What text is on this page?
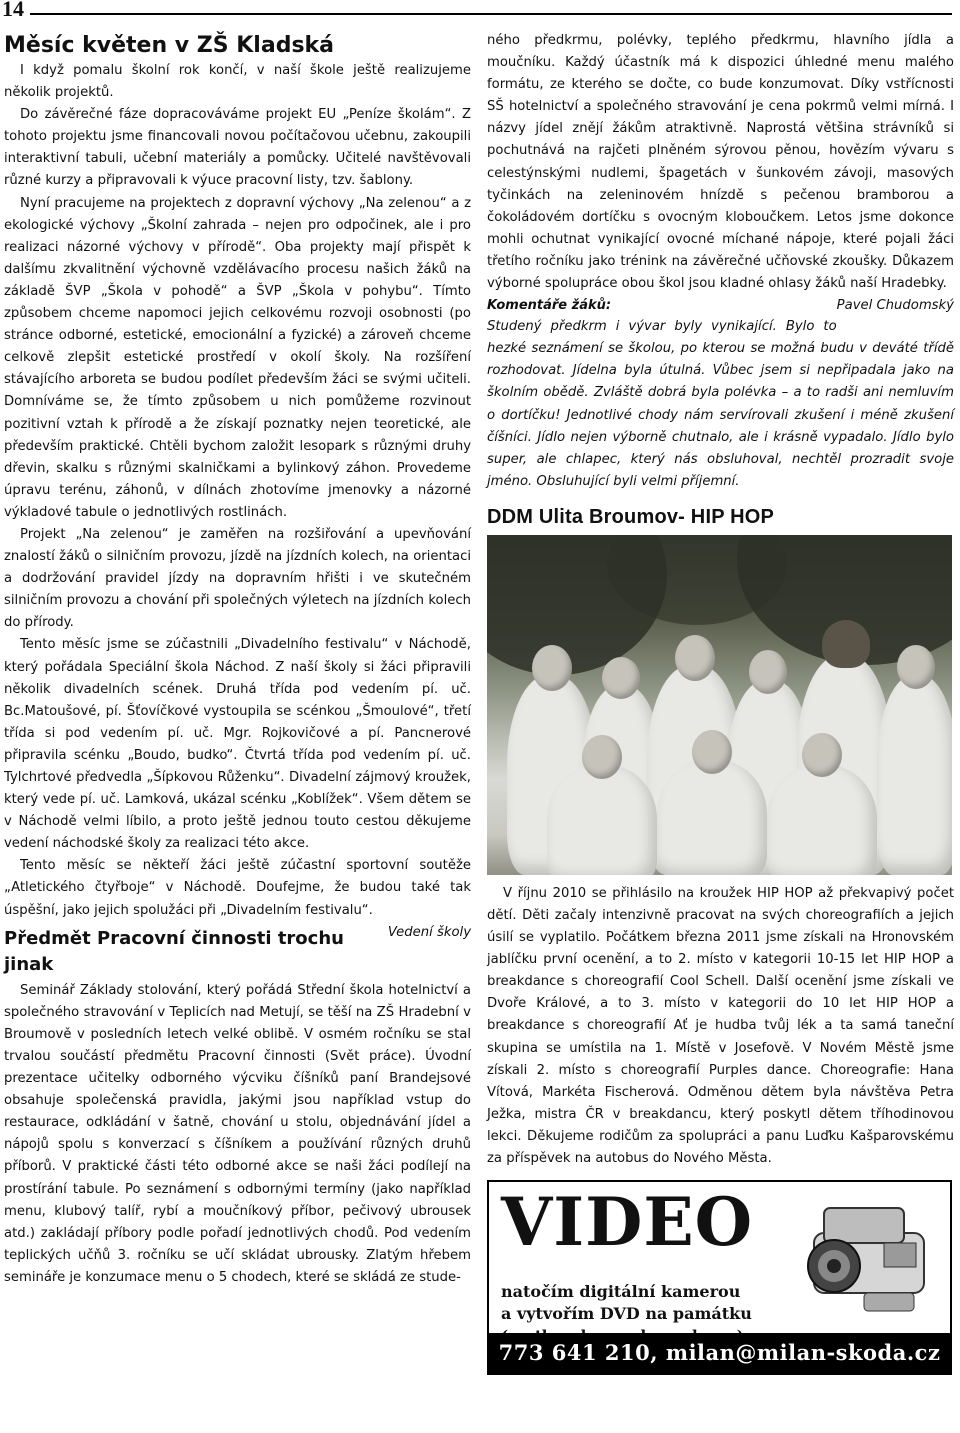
14
Měsíc květen v ZŠ Kladská

I když pomalu školní rok končí, v naší škole ještě realizujeme několik projektů.

Do závěrečné fáze dopracováváme projekt EU „Peníze školám“. Z tohoto projektu jsme financovali novou počítačovou učebnu, zakoupili interaktivní tabuli, učební materiály a pomůcky. Učitelé navštěvovali různé kurzy a připravovali k výuce pracovní listy, tzv. šablony.

Nyní pracujeme na projektech z dopravní výchovy „Na zelenou“ a z ekologické výchovy „Školní zahrada – nejen pro odpočinek, ale i pro realizaci názorné výchovy v přírodě“. Oba projekty mají přispět k dalšímu zkvalitnění výchovně vzdělávacího procesu našich žáků na základě ŠVP „Škola v pohodě“ a ŠVP „Škola v pohybu“. Tímto způsobem chceme napomoci jejich celkovému rozvoji osobnosti (po stránce odborné, estetické, emocionální a fyzické) a zároveň chceme celkově zlepšit estetické prostředí v okolí školy. Na rozšíření stávajícího arboreta se budou podílet především žáci se svými učiteli. Domníváme se, že tímto způsobem u nich pomůžeme rozvinout pozitivní vztah k přírodě a že získají poznatky nejen teoretické, ale především praktické. Chtěli bychom založit lesopark s různými druhy dřevin, skalku s různými skalničkami a bylinkový záhon. Provedeme úpravu terénu, záhonů, v dílnách zhotovíme jmenovky a názorné výkladové tabule o jednotlivých rostlinách.

Projekt „Na zelenou“ je zaměřen na rozšiřování a upevňování znalostí žáků o silničním provozu, jízdě na jízdních kolech, na orientaci a dodržování pravidel jízdy na dopravním hřišti i ve skutečném silničním provozu a chování při společných výletech na jízdních kolech do přírody.

Tento měsíc jsme se zúčastnili „Divadelního festivalu“ v Náchodě, který pořádala Speciální škola Náchod. Z naší školy si žáci připravili několik divadelních scének. Druhá třída pod vedením pí. uč. Bc.Matoušové, pí. Šťovíčkové vystoupila se scénkou „Šmoulové“, třetí třída si pod vedením pí. uč. Mgr. Rojkovičové a pí. Pancnerové připravila scénku „Boudo, budko“. Čtvrtá třída pod vedením pí. uč. Tylchrtové předvedla „Šípkovou Růženku“. Divadelní zájmový kroužek, který vede pí. uč. Lamková, ukázal scénku „Koblížek“. Všem dětem se v Náchodě velmi líbilo, a proto ještě jednou touto cestou děkujeme vedení náchodské školy za realizaci této akce.

Tento měsíc se někteří žáci ještě zúčastní sportovní soutěže „Atletického čtyřboje“ v Náchodě. Doufejme, že budou také tak úspěšní, jako jejich spolužáci při „Divadelním festivalu“.
Vedení školy

Předmět Pracovní činnosti trochu jinak

Seminář Základy stolování, který pořádá Střední škola hotelnictví a společného stravování v Teplicích nad Metují, se těší na ZŠ Hradební v Broumově v posledních letech velké oblibě. V osmém ročníku se stal trvalou součástí předmětu Pracovní činnosti (Svět práce). Úvodní prezentace učitelky odborného výcviku číšníků paní Brandejsové obsahuje společenská pravidla, jakými jsou například vstup do restaurace, odkládání v šatně, chování u stolu, objednávání jídel a nápojů spolu s konverzací s číšníkem a používání různých druhů příborů. V praktické části této odborné akce se naši žáci podílejí na prostírání tabule. Po seznámení s odbornými termíny (jako například menu, klubový talíř, rybí a moučníkový příbor, pečivový ubrousek atd.) zakládají příbory podle pořadí jednotlivých chodů. Pod vedením teplických učňů 3. ročníku se učí skládat ubrousky. Zlatým hřebem semináře je konzumace menu o 5 chodech, které se skládá ze stude-

ného předkrmu, polévky, teplého předkrmu, hlavního jídla a moučníku. Každý účastník má k dispozici úhledné menu malého formátu, ze kterého se dočte, co bude konzumovat. Díky vstřícnosti SŠ hotelnictví a společného stravování je cena pokrmů velmi mírná. I názvy jídel znějí žákům atraktivně. Naprostá většina strávníků si pochutnává na rajčeti plněném sýrovou pěnou, hovězím vývaru s celestýnskými nudlemi, špagetách v šunkovém závoji, masových tyčinkách na zeleninovém hnízdě s pečenou bramborou a čokoládovém dortíčku s ovocným kloboučkem. Letos jsme dokonce mohli ochutnat vynikající ovocné míchané nápoje, které pojali žáci třetího ročníku jako trénink na závěrečné učňovské zkoušky. Důkazem výborné spolupráce obou škol jsou kladné ohlasy žáků naší Hradebky.
Pavel Chudomský

Komentáře žáků:

Studený předkrm i vývar byly vynikající. Bylo to hezké seznámení se školou, po kterou se možná budu v deváté třídě rozhodovat. Jídelna byla útulná. Vůbec jsem si nepřipadala jako na školním obědě. Zvláště dobrá byla polévka – a to radši ani nemluvím o dortíčku! Jednotlivé chody nám servírovali zkušení i méně zkušení číšníci. Jídlo nejen výborně chutnalo, ale i krásně vypadalo. Jídlo bylo super, ale chlapec, který nás obsluhoval, nechtěl prozradit svoje jméno. Obsluhující byli velmi příjemní.

DDM Ulita Broumov- HIP HOP

V říjnu 2010 se přihlásilo na kroužek HIP HOP až překvapivý počet dětí. Děti začaly intenzivně pracovat na svých choreografiích a jejich úsilí se vyplatilo. Počátkem března 2011 jsme získali na Hronovském jablíčku první ocenění, a to 2. místo v kategorii 10-15 let HIP HOP a breakdance s choreografií Cool Schell. Další ocenění jsme získali ve Dvoře Králové, a to 3. místo v kategorii do 10 let HIP HOP a breakdance s choreografií Ať je hudba tvůj lék a ta samá taneční skupina se umístila na 1. Místě v Josefově. V Novém Městě jsme získali 2. místo s choreografií Purples dance. Choreografie: Hana Vítová, Markéta Fischerová. Odměnou dětem byla návštěva Petra Ježka, mistra ČR v breakdancu, který poskytl dětem tříhodinovou lekci. Děkujeme rodičům za spolupráci a panu Luďku Kašparovskému za příspěvek na autobus do Nového Města.

VIDEO
natočím digitální kamerou
a vytvořím DVD na památku
773 641 210, milan@milan-skoda.cz
